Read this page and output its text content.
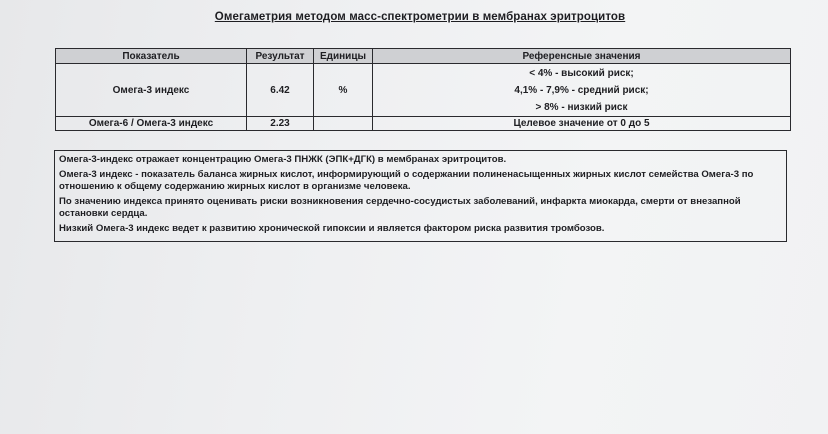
Омегаметрия методом масс-спектрометрии в мембранах эритроцитов
Показатель	Результат	Единицы	Референсные значения
Омега-3 индекс	6.42	%	< 4% - высокий риск;
4,1% - 7,9% - средний риск;
> 8% - низкий риск

Омега-6 / Омега-3 индекс	2.23		Целевое значение от 0 до 5

Омега-3-индекс отражает концентрацию Омега-3 ПНЖК (ЭПК+ДГК) в мембранах эритроцитов.

Омега-3 индекс - показатель баланса жирных кислот, информирующий о содержании полиненасыщенных жирных кислот семейства Омега-3 по отношению к общему содержанию жирных кислот в организме человека.

По значению индекса принято оценивать риски возникновения сердечно-сосудистых заболеваний, инфаркта миокарда, смерти от внезапной остановки сердца.

Низкий Омега-3 индекс ведет к развитию хронической гипоксии и является фактором риска развития тромбозов.
